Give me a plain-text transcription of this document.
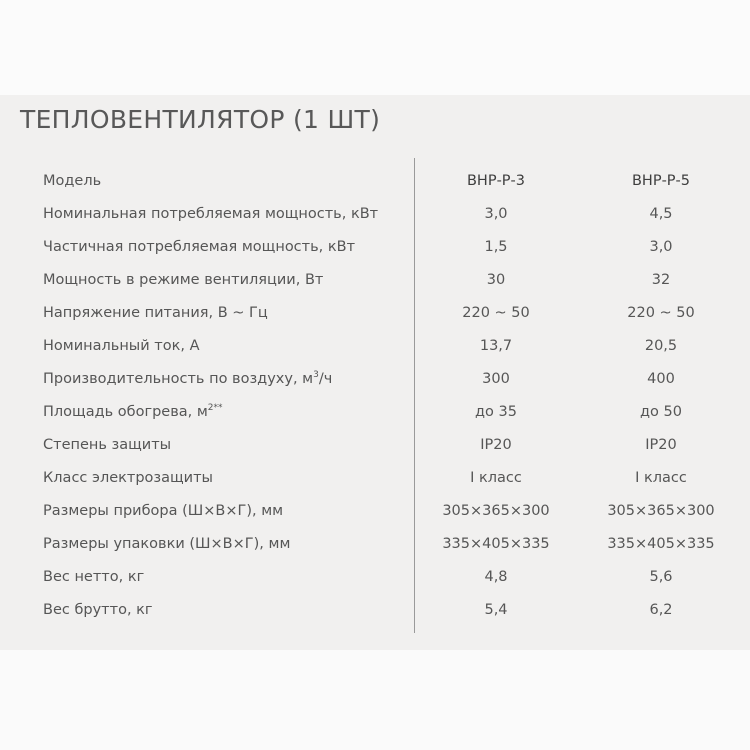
ТЕПЛОВЕНТИЛЯТОР (1 ШТ)
Модель	ВНР-Р-3	ВНР-Р-5
Номинальная потребляемая мощность, кВт	3,0	4,5
Частичная потребляемая мощность, кВт	1,5	3,0
Мощность в режиме вентиляции, Вт	30	32
Напряжение питания, В ~ Гц	220 ~ 50	220 ~ 50
Номинальный ток, А	13,7	20,5
Производительность по воздуху, $м^3/ч$	300	400
Площадь обогрева, $м^{2**}$	до 35	до 50
Степень защиты	IP20	IP20
Класс электрозащиты	I класс	I класс
Размеры прибора (Ш×В×Г), мм	305×365×300	305×365×300
Размеры упаковки (Ш×В×Г), мм	335×405×335	335×405×335
Вес нетто, кг	4,8	5,6
Вес брутто, кг	5,4	6,2
